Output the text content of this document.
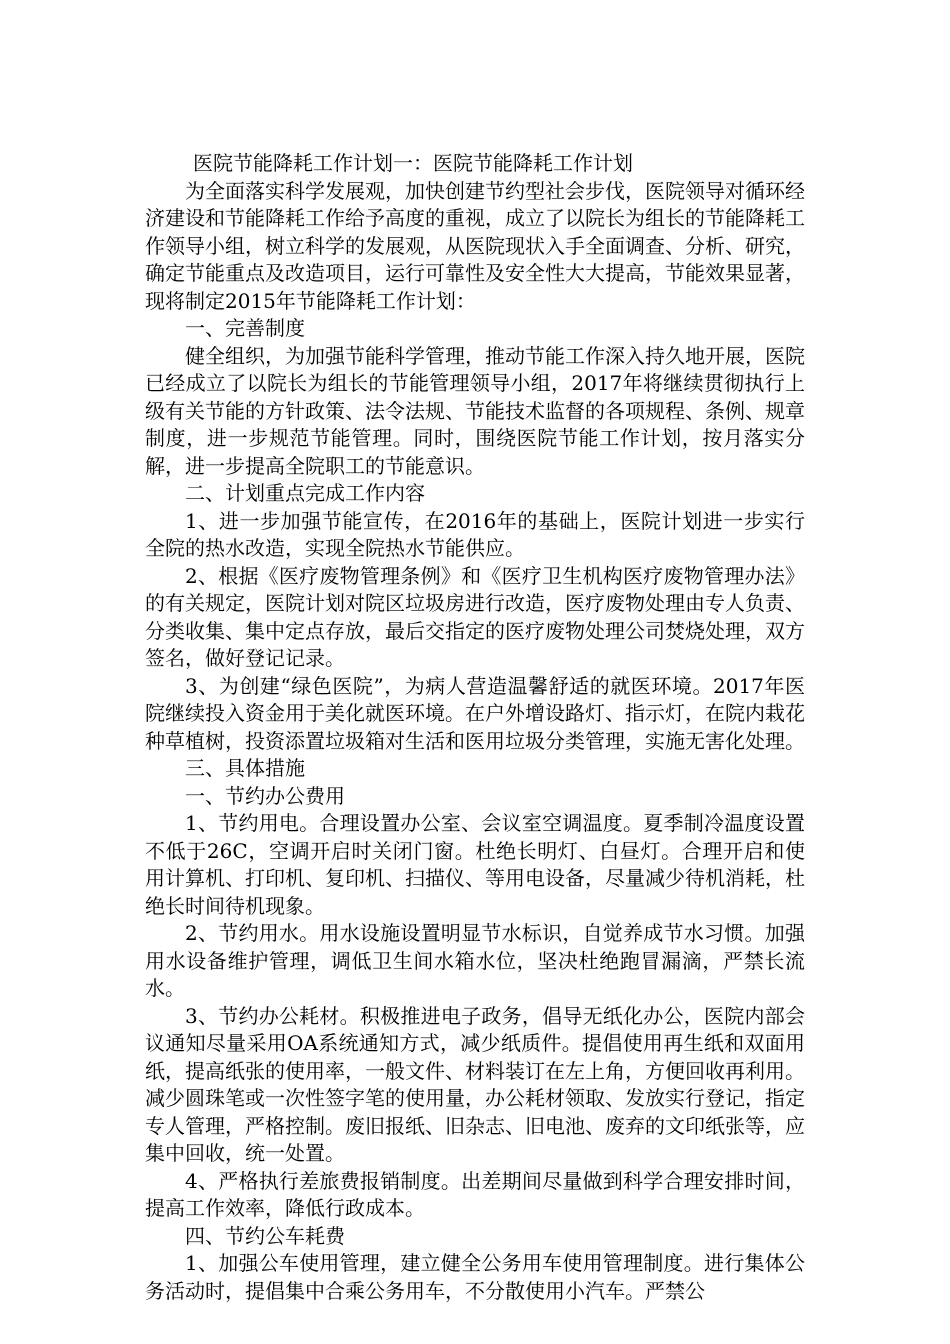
医院节能降耗工作计划一：医院节能降耗工作计划

为全面落实科学发展观，加快创建节约型社会步伐，医院领导对循环经济建设和节能降耗工作给予高度的重视，成立了以院长为组长的节能降耗工作领导小组，树立科学的发展观，从医院现状入手全面调查、分析、研究，确定节能重点及改造项目，运行可靠性及安全性大大提高，节能效果显著，现将制定2015年节能降耗工作计划：

一、完善制度

健全组织，为加强节能科学管理，推动节能工作深入持久地开展，医院已经成立了以院长为组长的节能管理领导小组，2017年将继续贯彻执行上级有关节能的方针政策、法令法规、节能技术监督的各项规程、条例、规章制度，进一步规范节能管理。同时，围绕医院节能工作计划，按月落实分解，进一步提高全院职工的节能意识。

二、计划重点完成工作内容

1、进一步加强节能宣传，在2016年的基础上，医院计划进一步实行全院的热水改造，实现全院热水节能供应。

2、根据《医疗废物管理条例》和《医疗卫生机构医疗废物管理办法》的有关规定，医院计划对院区垃圾房进行改造，医疗废物处理由专人负责、分类收集、集中定点存放，最后交指定的医疗废物处理公司焚烧处理，双方签名，做好登记记录。

3、为创建“绿色医院”，为病人营造温馨舒适的就医环境。2017年医院继续投入资金用于美化就医环境。在户外增设路灯、指示灯，在院内栽花种草植树，投资添置垃圾箱对生活和医用垃圾分类管理，实施无害化处理。

三、具体措施

一、节约办公费用

1、节约用电。合理设置办公室、会议室空调温度。夏季制冷温度设置不低于26C，空调开启时关闭门窗。杜绝长明灯、白昼灯。合理开启和使用计算机、打印机、复印机、扫描仪、等用电设备，尽量减少待机消耗，杜绝长时间待机现象。

2、节约用水。用水设施设置明显节水标识，自觉养成节水习惯。加强用水设备维护管理，调低卫生间水箱水位，坚决杜绝跑冒漏滴，严禁长流水。

3、节约办公耗材。积极推进电子政务，倡导无纸化办公，医院内部会议通知尽量采用OA系统通知方式，减少纸质件。提倡使用再生纸和双面用纸，提高纸张的使用率，一般文件、材料装订在左上角，方便回收再利用。减少圆珠笔或一次性签字笔的使用量，办公耗材领取、发放实行登记，指定专人管理，严格控制。废旧报纸、旧杂志、旧电池、废弃的文印纸张等，应集中回收，统一处置。

4、严格执行差旅费报销制度。出差期间尽量做到科学合理安排时间，提高工作效率，降低行政成本。

四、节约公车耗费

1、加强公车使用管理，建立健全公务用车使用管理制度。进行集体公务活动时，提倡集中合乘公务用车，不分散使用小汽车。严禁公
